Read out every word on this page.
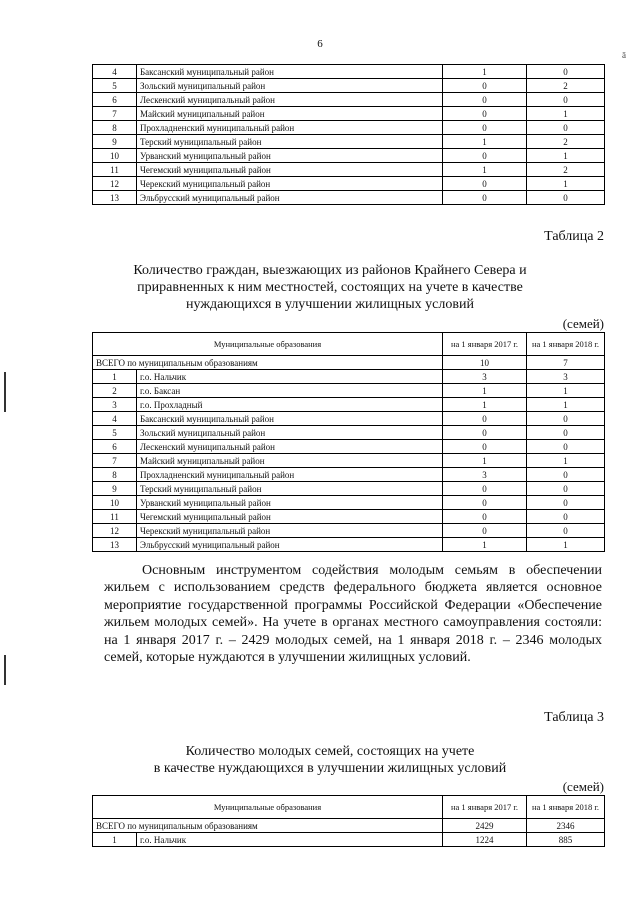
6
ā
4	Баксанский муниципальный район	1	0
5	Зольский муниципальный район	0	2
6	Лескенский муниципальный район	0	0
7	Майский муниципальный район	0	1
8	Прохладненский муниципальный район	0	0
9	Терский муниципальный район	1	2
10	Урванский муниципальный район	0	1
11	Чегемский муниципальный район	1	2
12	Черекский муниципальный район	0	1
13	Эльбрусский муниципальный район	0	0
Таблица 2
Количество граждан, выезжающих из районов Крайнего Севера и
приравненных к ним местностей, состоящих на учете в качестве
нуждающихся в улучшении жилищных условий
(семей)
Муниципальные образования		на 1 января 2017 г.	на 1 января 2018 г.
ВСЕГО по муниципальным образованиям		10	7
1	г.о. Нальчик	3	3
2	г.о. Баксан	1	1
3	г.о. Прохладный	1	1
4	Баксанский муниципальный район	0	0
5	Зольский муниципальный район	0	0
6	Лескенский муниципальный район	0	0
7	Майский муниципальный район	1	1
8	Прохладненский муниципальный район	3	0
9	Терский муниципальный район	0	0
10	Урванский муниципальный район	0	0
11	Чегемский муниципальный район	0	0
12	Черекский муниципальный район	0	0
13	Эльбрусский муниципальный район	1	1

Основным инструментом содействия молодым семьям в обеспечении жильем с использованием средств федерального бюджета является основное мероприятие государственной программы Российской Федерации «Обеспечение жильем молодых семей». На учете в органах местного самоуправления состояли: на 1 января 2017 г. – 2429 молодых семей, на 1 января 2018 г. – 2346 молодых семей, которые нуждаются в улучшении жилищных условий.

Таблица 3
Количество молодых семей, состоящих на учете
в качестве нуждающихся в улучшении жилищных условий
(семей)
Муниципальные образования		на 1 января 2017 г.	на 1 января 2018 г.
ВСЕГО по муниципальным образованиям		2429	2346
1	г.о. Нальчик	1224	885
